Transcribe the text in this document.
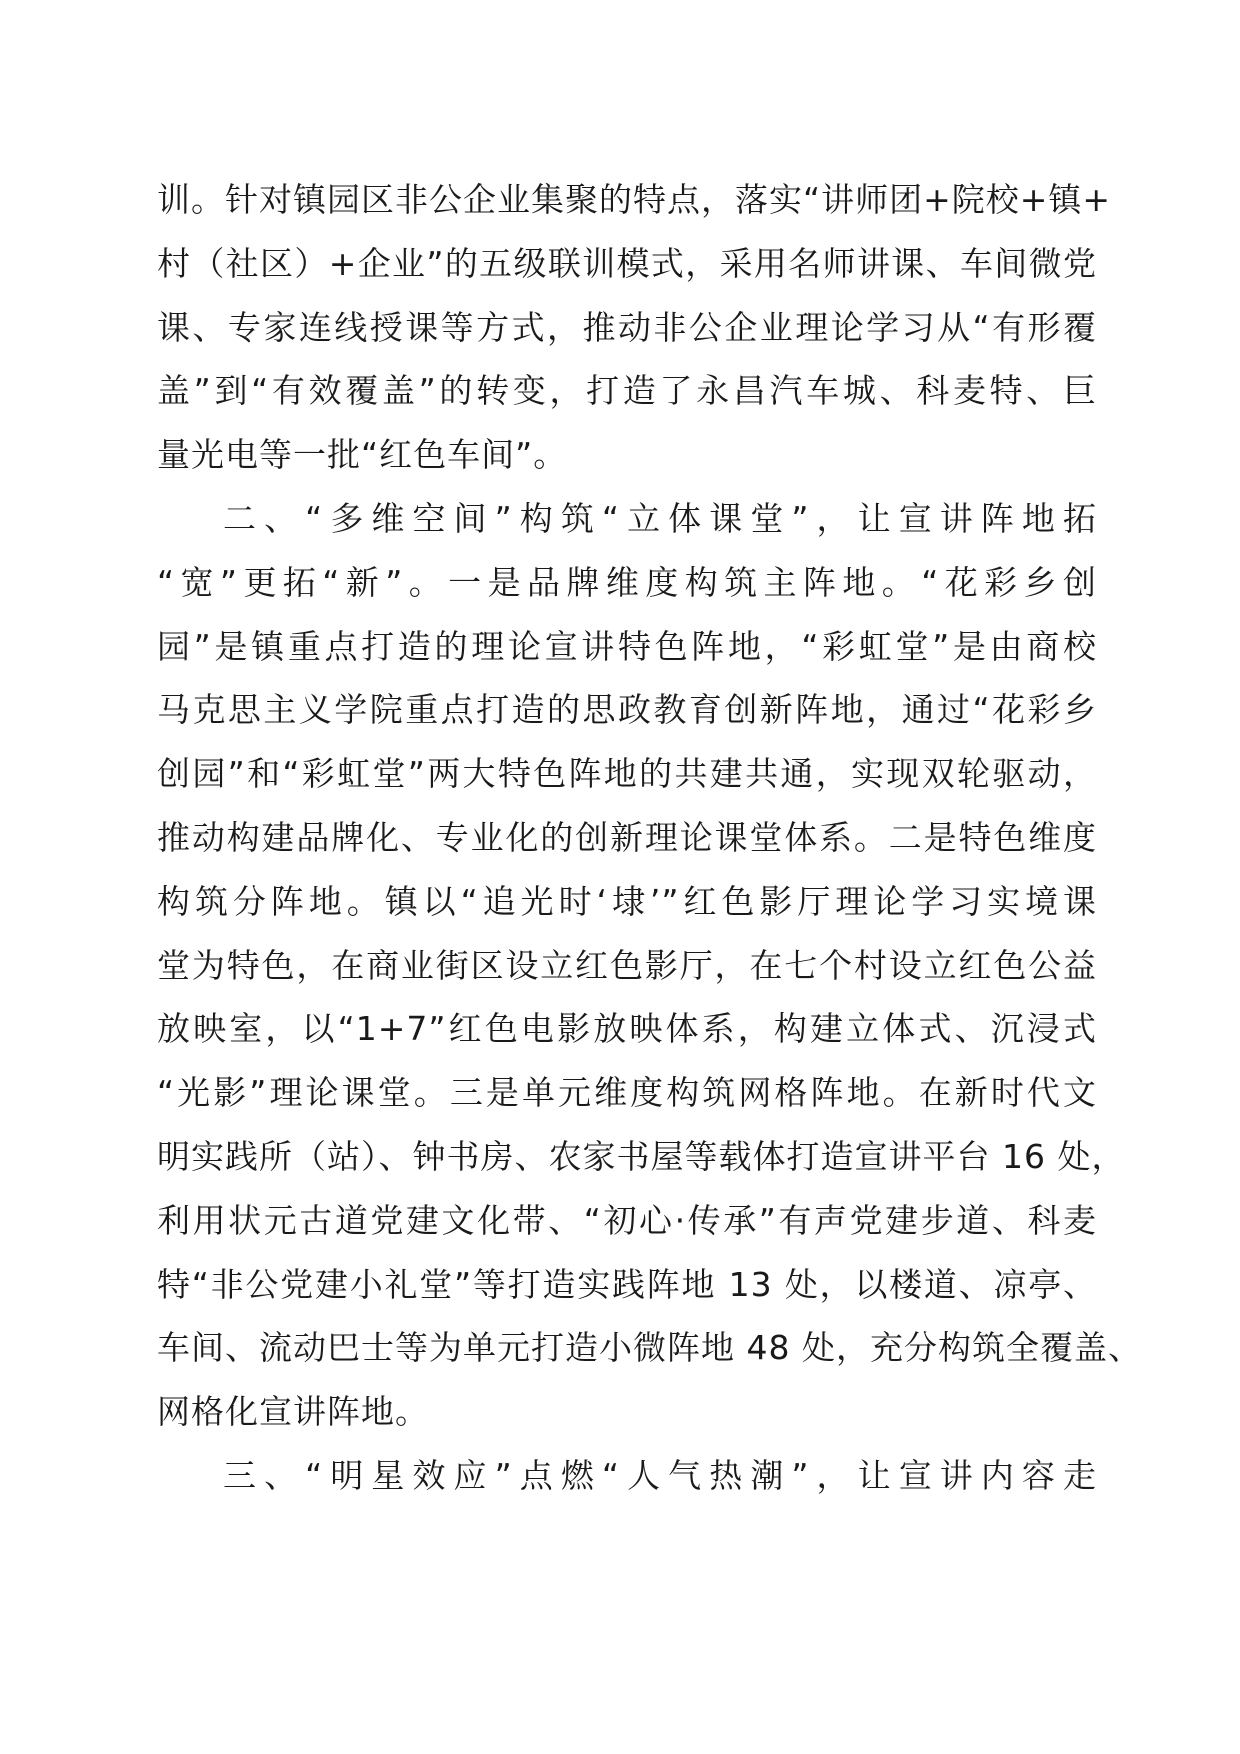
训。针对镇园区非公企业集聚的特点，落实“讲师团+院校+镇+
村（社区）+企业”的五级联训模式，采用名师讲课、车间微党
课、专家连线授课等方式，推动非公企业理论学习从“有形覆
盖”到“有效覆盖”的转变，打造了永昌汽车城、科麦特、巨
量光电等一批“红色车间”。
二、“多维空间”构筑“立体课堂”，让宣讲阵地拓
“宽”更拓“新”。一是品牌维度构筑主阵地。“花彩乡创
园”是镇重点打造的理论宣讲特色阵地，“彩虹堂”是由商校
马克思主义学院重点打造的思政教育创新阵地，通过“花彩乡
创园”和“彩虹堂”两大特色阵地的共建共通，实现双轮驱动，
推动构建品牌化、专业化的创新理论课堂体系。二是特色维度
构筑分阵地。镇以“追光时‘埭’”红色影厅理论学习实境课
堂为特色，在商业街区设立红色影厅，在七个村设立红色公益
放映室，以“1+7”红色电影放映体系，构建立体式、沉浸式
“光影”理论课堂。三是单元维度构筑网格阵地。在新时代文
明实践所（站）、钟书房、农家书屋等载体打造宣讲平台 16 处，
利用状元古道党建文化带、“初心·传承”有声党建步道、科麦
特“非公党建小礼堂”等打造实践阵地 13 处，以楼道、凉亭、
车间、流动巴士等为单元打造小微阵地 48 处，充分构筑全覆盖、
网格化宣讲阵地。
三、“明星效应”点燃“人气热潮”，让宣讲内容走
